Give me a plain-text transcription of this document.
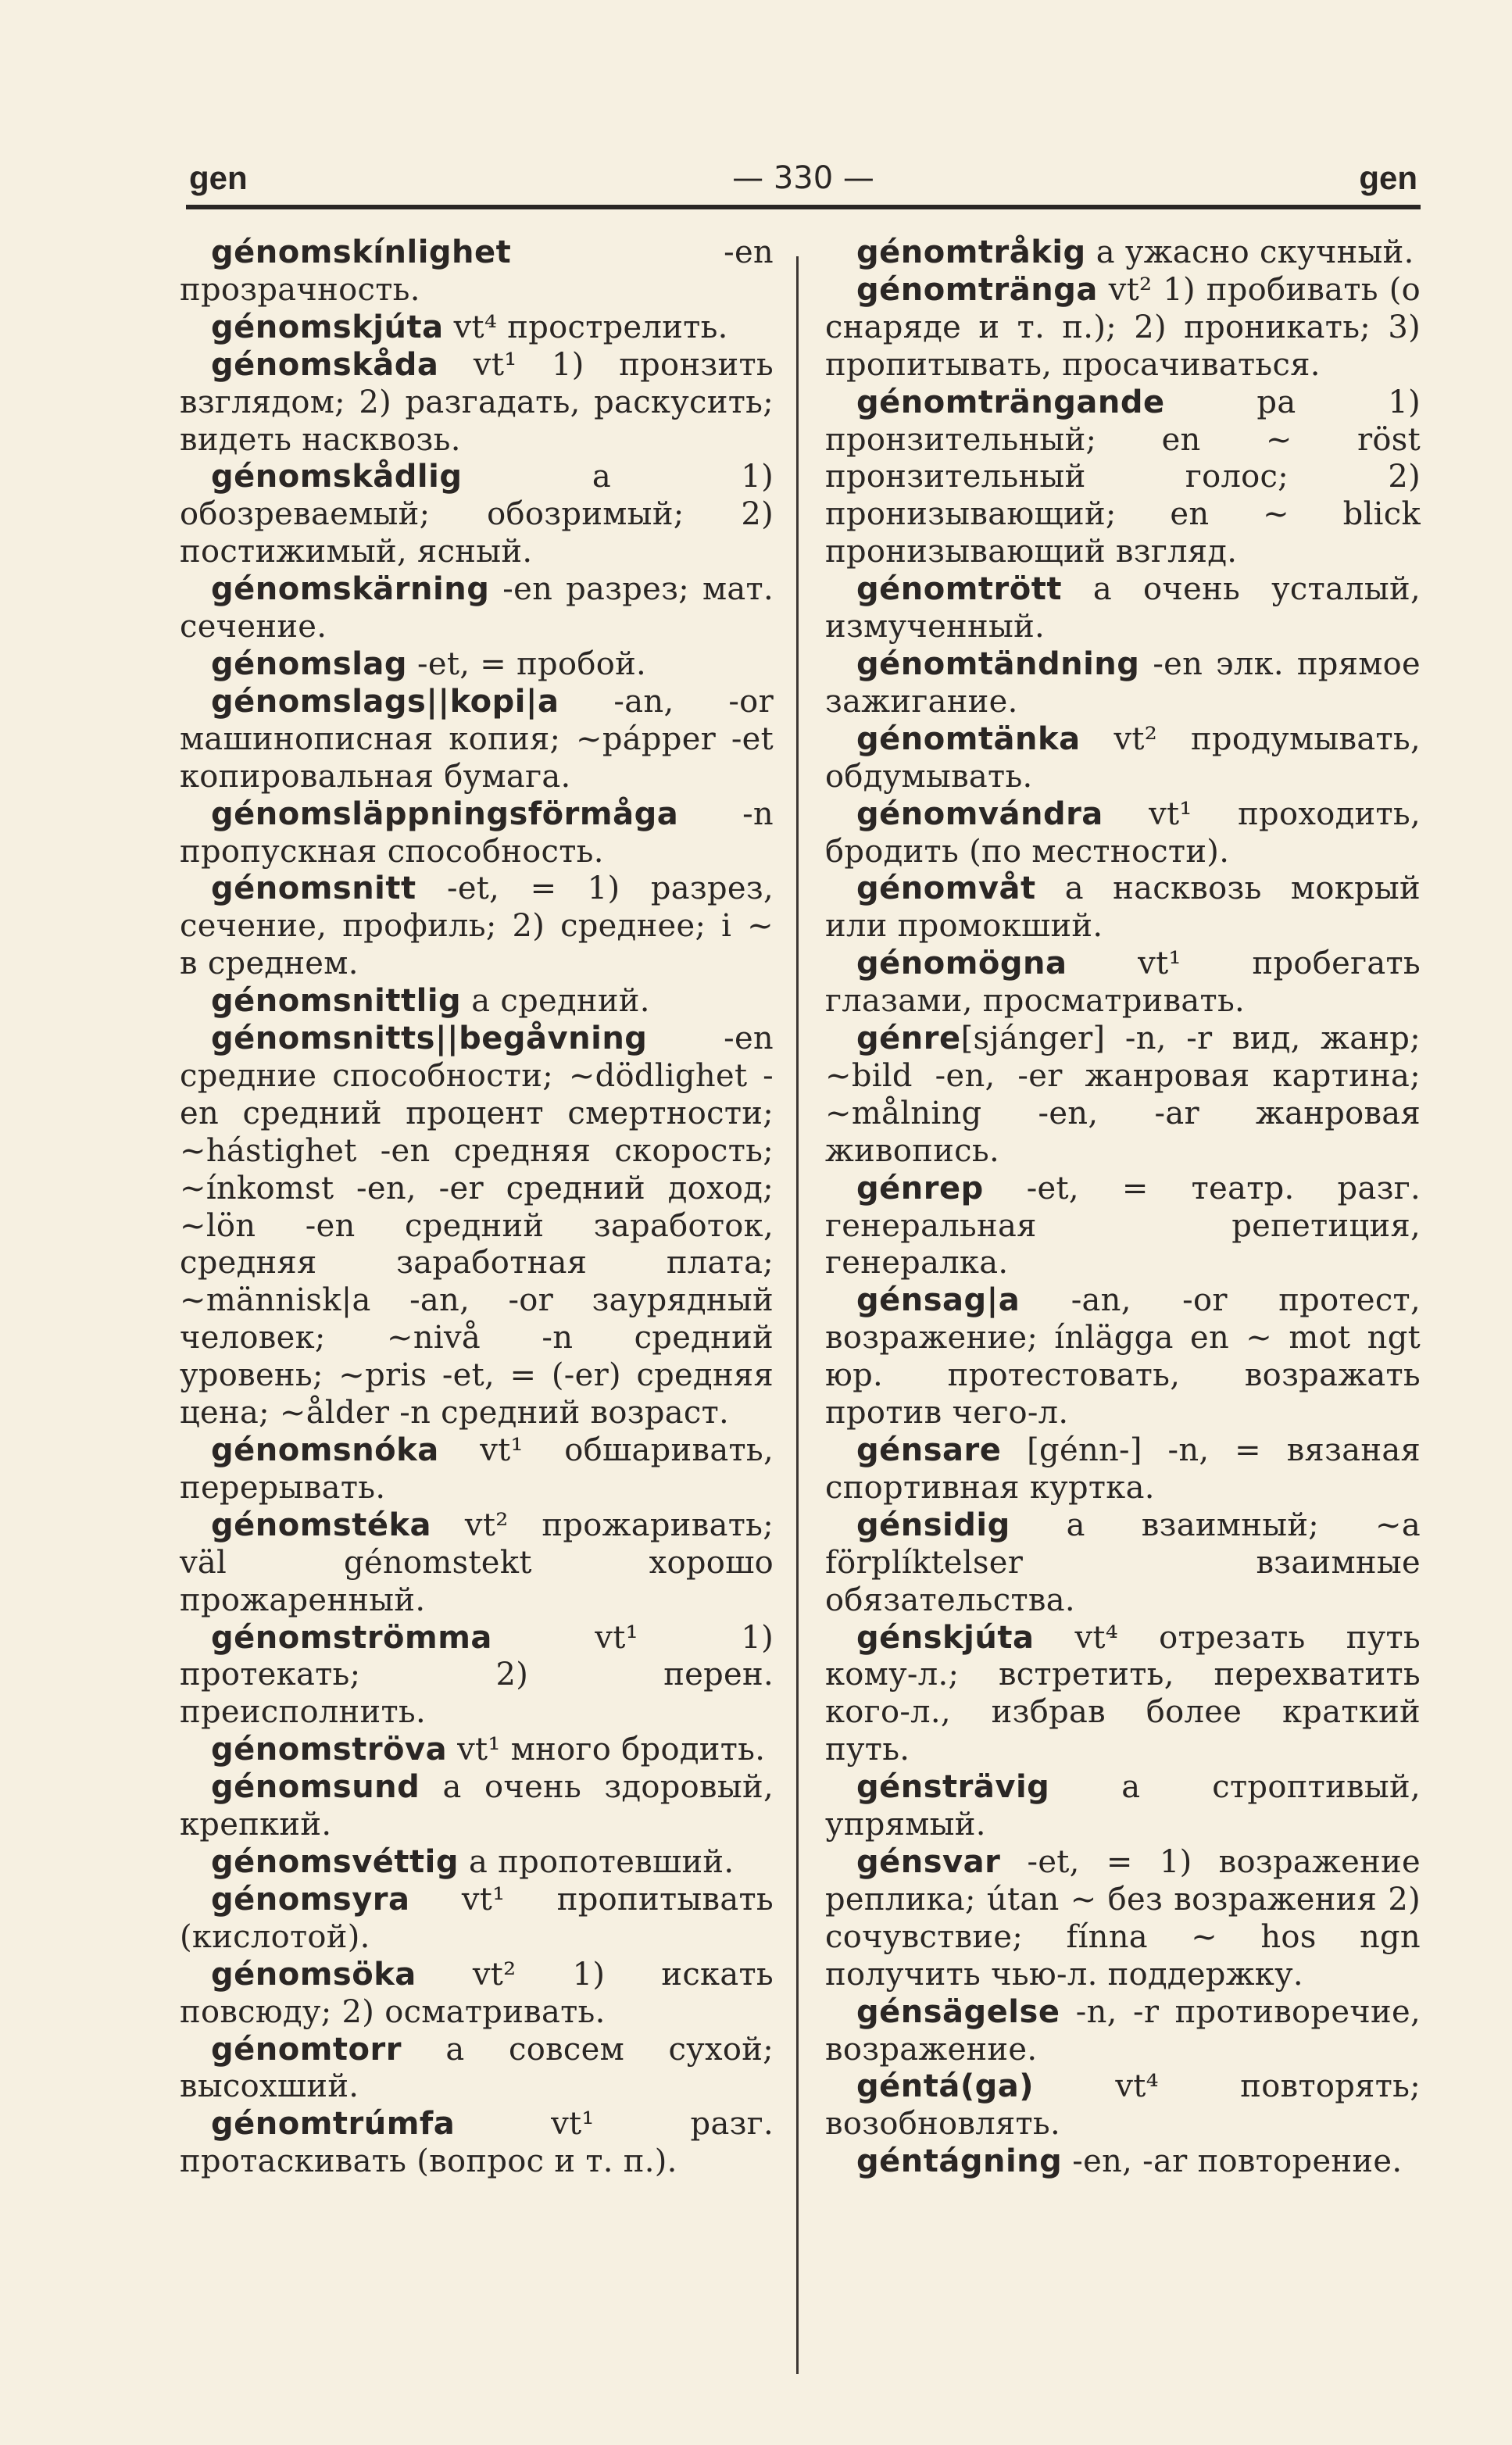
gen	— 330 —	gen

génomskínlighet -en прозрачность.

génomskjúta vt⁴ прострелить.

génomskåda vt¹ 1) пронзить взглядом; 2) разгадать, раскусить; видеть насквозь.

génomskådlig a 1) обозреваемый; обозримый; 2) постижимый, ясный.

génomskärning -en разрез; мат. сечение.

génomslag -et, = пробой.

génomslags||kopi|a -an, -or машинописная копия; ~pápper -et копировальная бумага.

génomsläppningsförmåga -n пропускная способность.

génomsnitt -et, = 1) разрез, сечение, профиль; 2) среднее; i ~ в среднем.

génomsnittlig a средний.

génomsnitts||begåvning -en средние способности; ~dödlighet -en средний процент смертности; ~hástighet -en средняя скорость; ~ínkomst -en, -er средний доход; ~lön -en средний заработок, средняя заработная плата; ~människ|a -an, -or заурядный человек; ~nivå -n средний уровень; ~pris -et, = (-er) средняя цена; ~ålder -n средний возраст.

génomsnóka vt¹ обшаривать, перерывать.

génomstéka vt² прожаривать; väl génomstekt хорошо прожаренный.

génomströmma vt¹ 1) протекать; 2) перен. преисполнить.

génomströva vt¹ много бродить.

génomsund a очень здоровый, крепкий.

génomsvéttig a пропотевший.

génomsyra vt¹ пропитывать (кислотой).

génomsöka vt² 1) искать повсюду; 2) осматривать.

génomtorr a совсем сухой; высохший.

génomtrúmfa vt¹ разг. протаскивать (вопрос и т. п.).

génomtråkig a ужасно скучный.

génomtränga vt² 1) пробивать (о снаряде и т. п.); 2) проникать; 3) пропитывать, просачиваться.

génomträngande pa 1) пронзительный; en ~ röst пронзительный голос; 2) пронизывающий; en ~ blick пронизывающий взгляд.

génomtrött a очень усталый, измученный.

génomtändning -en элк. прямое зажигание.

génomtänka vt² продумывать, обдумывать.

génomvándra vt¹ проходить, бродить (по местности).

génomvåt a насквозь мокрый или промокший.

génomögna vt¹ пробегать глазами, просматривать.

génre[sjánger] -n, -r вид, жанр; ~bild -en, -er жанровая картина; ~målning -en, -ar жанровая живопись.

génrep -et, = театр. разг. генеральная репетиция, генералка.

génsag|a -an, -or протест, возражение; ínlägga en ~ mot ngt юр. протестовать, возражать против чего-л.

génsare [génn-] -n, = вязаная спортивная куртка.

génsidig a взаимный; ~a förplíktelser взаимные обязательства.

génskjúta vt⁴ отрезать путь кому-л.; встретить, перехватить кого-л., избрав более краткий путь.

génsträvig a строптивый, упрямый.

génsvar -et, = 1) возражение реплика; útan ~ без возражения 2) сочувствие; fínna ~ hos ngn получить чью-л. поддержку.

génsägelse -n, -r противоречие, возражение.

géntá(ga) vt⁴ повторять; возобновлять.

géntágning -en, -ar повторение.
